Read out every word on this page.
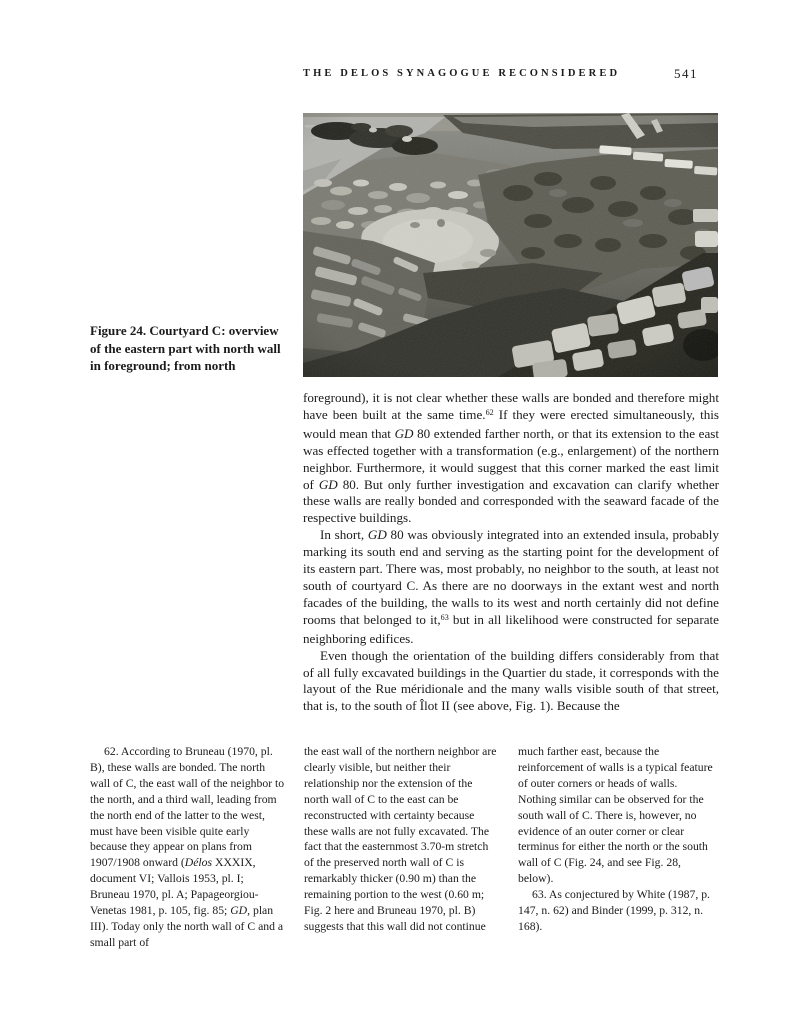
THE DELOS SYNAGOGUE RECONSIDERED	541
Figure 24. Courtyard C: overview of the eastern part with north wall in foreground; from north

foreground), it is not clear whether these walls are bonded and therefore might have been built at the same time.$^{62}$ If they were erected simultaneously, this would mean that GD 80 extended farther north, or that its extension to the east was effected together with a transformation (e.g., enlargement) of the northern neighbor. Furthermore, it would suggest that this corner marked the east limit of GD 80. But only further investigation and excavation can clarify whether these walls are really bonded and corresponded with the seaward facade of the respective buildings.

In short, GD 80 was obviously integrated into an extended insula, probably marking its south end and serving as the starting point for the development of its eastern part. There was, most probably, no neighbor to the south, at least not south of courtyard C. As there are no doorways in the extant west and north facades of the building, the walls to its west and north certainly did not define rooms that belonged to it,$^{63}$ but in all likelihood were constructed for separate neighboring edifices.

Even though the orientation of the building differs considerably from that of all fully excavated buildings in the Quartier du stade, it corresponds with the layout of the Rue méridionale and the many walls visible south of that street, that is, to the south of Îlot II (see above, Fig. 1). Because the

62. According to Bruneau (1970, pl. B), these walls are bonded. The north wall of C, the east wall of the neighbor to the north, and a third wall, leading from the north end of the latter to the west, must have been visible quite early because they appear on plans from 1907/1908 onward (Délos XXXIX, document VI; Vallois 1953, pl. I; Bruneau 1970, pl. A; Papageorgiou-Venetas 1981, p. 105, fig. 85; GD, plan III). Today only the north wall of C and a small part of

the east wall of the northern neighbor are clearly visible, but neither their relationship nor the extension of the north wall of C to the east can be reconstructed with certainty because these walls are not fully excavated. The fact that the easternmost 3.70-m stretch of the preserved north wall of C is remarkably thicker (0.90 m) than the remaining portion to the west (0.60 m; Fig. 2 here and Bruneau 1970, pl. B) suggests that this wall did not continue

much farther east, because the reinforcement of walls is a typical feature of outer corners or heads of walls. Nothing similar can be observed for the south wall of C. There is, however, no evidence of an outer corner or clear terminus for either the north or the south wall of C (Fig. 24, and see Fig. 28, below).

63. As conjectured by White (1987, p. 147, n. 62) and Binder (1999, p. 312, n. 168).
